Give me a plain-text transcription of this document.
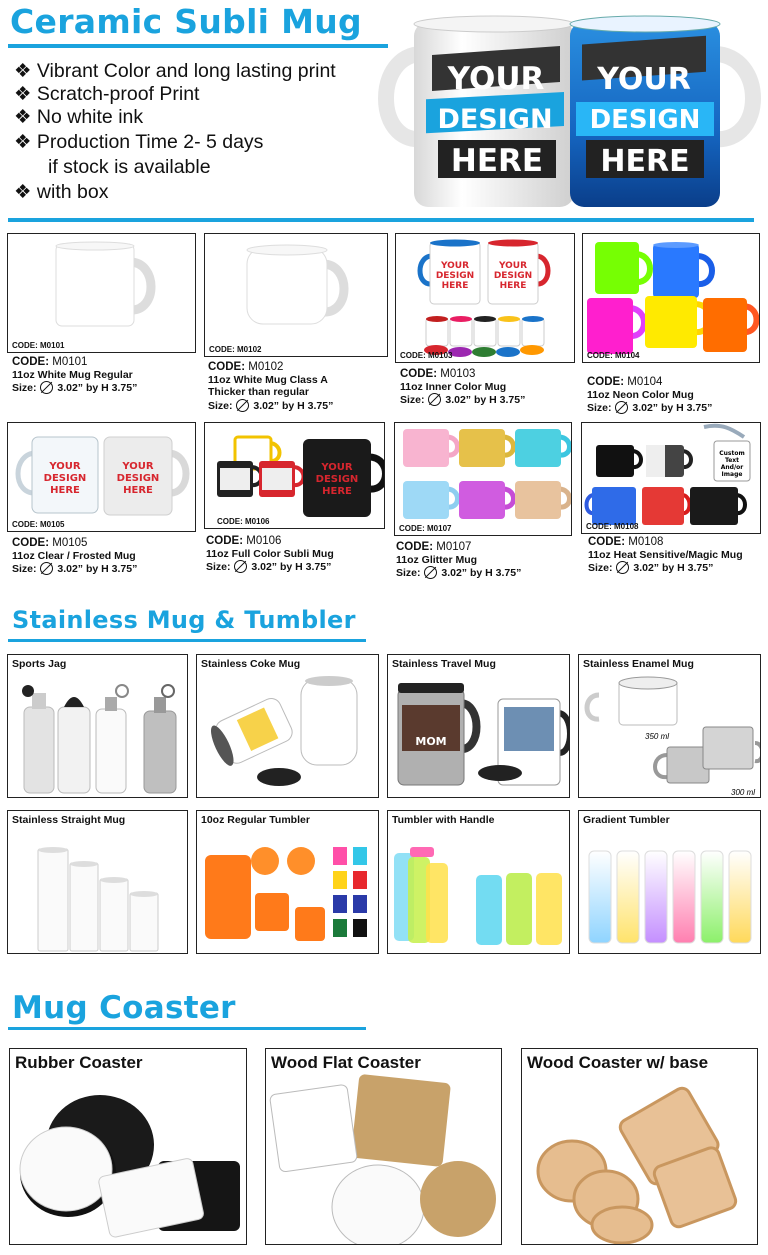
Ceramic Subli Mug
❖ Vibrant Color and long lasting print
❖ Scratch-proof Print
❖ No white ink
❖ Production Time 2- 5 days
if stock is available
❖ with box
YOUR
DESIGN
HERE
YOUR
DESIGN
HERE
CODE: M0101
CODE: M0101
11oz White Mug Regular
Size: 3.02” by H 3.75”
CODE: M0102
CODE: M0102
11oz White Mug Class A
Thicker than regular
Size: 3.02” by H 3.75”
YOUR
DESIGN
HERE
YOUR
DESIGN
HERE
CODE: M0103
CODE: M0103
11oz Inner Color Mug
Size: 3.02” by H 3.75”
CODE: M0104
CODE: M0104
11oz Neon Color Mug
Size: 3.02” by H 3.75”
YOUR
DESIGN
HERE
YOUR
DESIGN
HERE
CODE: M0105
CODE: M0105
11oz Clear / Frosted Mug
Size: 3.02” by H 3.75”
YOUR
DESIGN
HERE
CODE: M0106
CODE: M0106
11oz Full Color Subli Mug
Size: 3.02” by H 3.75”
CODE: M0107
CODE: M0107
11oz Glitter Mug
Size: 3.02” by H 3.75”
Custom
Text
And/or
Image
CODE: M0108
CODE: M0108
11oz Heat Sensitive/Magic Mug
Size: 3.02” by H 3.75”
Stainless Mug & Tumbler
Sports Jag	Stainless Coke Mug	Stainless Travel Mug
MOM
Stainless Enamel Mug
350 ml
300 ml
Stainless Straight Mug	10oz Regular Tumbler	Tumbler with Handle	Gradient Tumbler
Mug Coaster
Rubber Coaster	Wood Flat Coaster	Wood Coaster w/ base
